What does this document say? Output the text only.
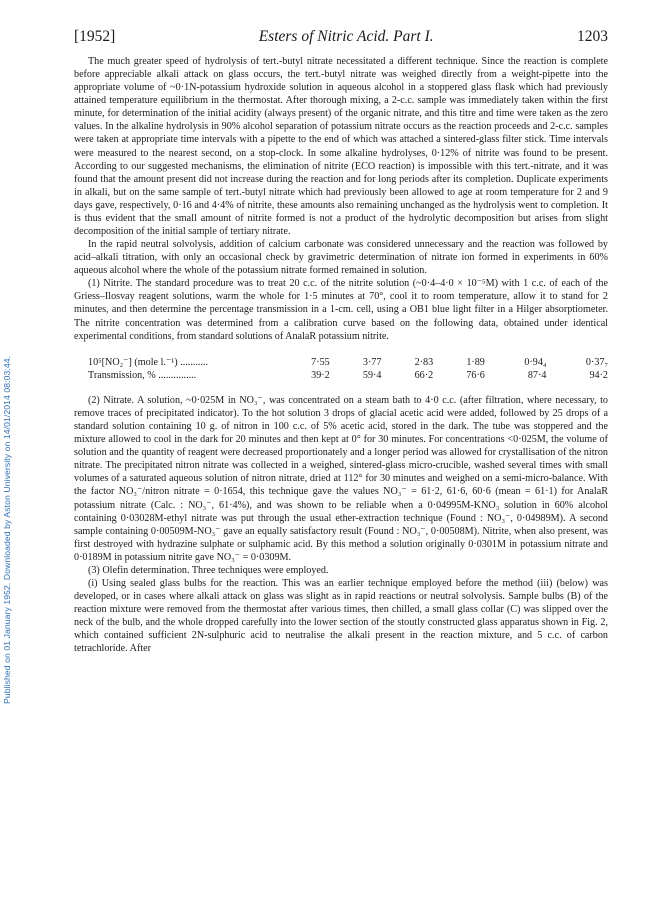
Published on 01 January 1952. Downloaded by Aston University on 14/01/2014 08:03:44.
[1952]	Esters of Nitric Acid. Part I.	1203

The much greater speed of hydrolysis of tert.-butyl nitrate necessitated a different technique. Since the reaction is complete before appreciable alkali attack on glass occurs, the tert.-butyl nitrate was weighed directly from a weight-pipette into the appropriate volume of ~0·1N-potassium hydroxide solution in aqueous alcohol in a stoppered glass flask which had previously attained temperature equilibrium in the thermostat. After thorough mixing, a 2-c.c. sample was immediately taken within the first minute, for determination of the initial acidity (always present) of the organic nitrate, and this titre and time were taken as the zero values. In the alkaline hydrolysis in 90% alcohol separation of potassium nitrate occurs as the reaction proceeds and 2-c.c. samples were taken at appropriate time intervals with a pipette to the end of which was attached a sintered-glass filter stick. Time intervals were measured to the nearest second, on a stop-clock. In some alkaline hydrolyses, 0·12% of nitrite was found to be present. According to our suggested mechanisms, the elimination of nitrite (ECO reaction) is impossible with this tert.-nitrate, and it was found that the amount present did not increase during the reaction and for long periods after its completion. Duplicate experiments in alkali, but on the same sample of tert.-butyl nitrate which had previously been allowed to age at room temperature for 2 and 9 days gave, respectively, 0·16 and 4·4% of nitrite, these amounts also remaining unchanged as the hydrolysis went to completion. It is thus evident that the small amount of nitrite formed is not a product of the hydrolytic decomposition but arises from slight decomposition of the initial sample of tertiary nitrate.

In the rapid neutral solvolysis, addition of calcium carbonate was considered unnecessary and the reaction was followed by acid–alkali titration, with only an occasional check by gravimetric determination of nitrate ion formed in experiments in 60% aqueous alcohol where the whole of the potassium nitrate formed remained in solution.

(1) Nitrite. The standard procedure was to treat 20 c.c. of the nitrite solution (~0·4–4·0 × 10⁻⁵M) with 1 c.c. of each of the Griess–Ilosvay reagent solutions, warm the whole for 1·5 minutes at 70°, cool it to room temperature, allow it to stand for 2 minutes, and then determine the percentage transmission in a 1-cm. cell, using a OB1 blue light filter in a Hilger absorptiometer. The nitrite concentration was determined from a calibration curve based on the following data, obtained under identical experimental conditions, from standard solutions of AnalaR potassium nitrite.

10⁵[NO₂⁻] (mole l.⁻¹) ...........	7·55	3·77	2·83	1·89	0·94₄	0·37₇
Transmission, % ...............	39·2	59·4	66·2	76·6	87·4	94·2

(2) Nitrate. A solution, ~0·025M in NO₃⁻, was concentrated on a steam bath to 4·0 c.c. (after filtration, where necessary, to remove traces of precipitated indicator). To the hot solution 3 drops of glacial acetic acid were added, followed by 25 drops of a standard solution containing 10 g. of nitron in 100 c.c. of 5% acetic acid, stored in the dark. The tube was stoppered and the mixture allowed to cool in the dark for 20 minutes and then kept at 0° for 30 minutes. For concentrations <0·025M, the volume of solution and the quantity of reagent were decreased proportionately and a longer period was allowed for crystallisation of the nitron nitrate. The precipitated nitron nitrate was collected in a weighed, sintered-glass micro-crucible, washed several times with small volumes of a saturated aqueous solution of nitron nitrate, dried at 112° for 30 minutes and weighed on a semi-micro-balance. With the factor NO₃⁻/nitron nitrate = 0·1654, this technique gave the values NO₃⁻ = 61·2, 61·6, 60·6 (mean = 61·1) for AnalaR potassium nitrate (Calc. : NO₃⁻, 61·4%), and was shown to be reliable when a 0·04995M-KNO₃ solution in 60% alcohol containing 0·03028M-ethyl nitrate was put through the usual ether-extraction technique (Found : NO₃⁻, 0·04989M). A second sample containing 0·00509M-NO₃⁻ gave an equally satisfactory result (Found : NO₃⁻, 0·00508M). Nitrite, when also present, was first destroyed with hydrazine sulphate or sulphamic acid. By this method a solution originally 0·0301M in potassium nitrate and 0·0189M in potassium nitrite gave NO₃⁻ = 0·0309M.

(3) Olefin determination. Three techniques were employed.

(i) Using sealed glass bulbs for the reaction. This was an earlier technique employed before the method (iii) (below) was developed, or in cases where alkali attack on glass was slight as in rapid reactions or neutral solvolysis. Sample bulbs (B) of the reaction mixture were removed from the thermostat after various times, then chilled, a small glass collar (C) was slipped over the neck of the bulb, and the whole dropped carefully into the lower section of the stoutly constructed glass apparatus shown in Fig. 2, which contained sufficient 2N-sulphuric acid to neutralise the alkali present in the reaction mixture, and 5 c.c. of carbon tetrachloride. After
